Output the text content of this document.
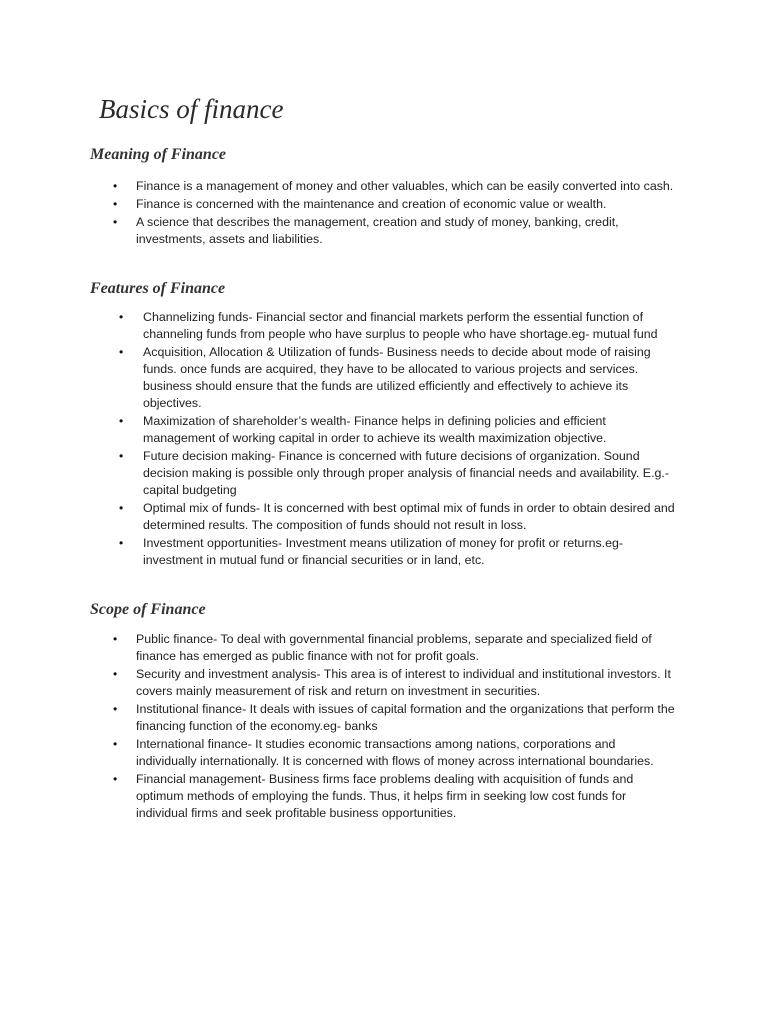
Basics of finance
Meaning of Finance
• Finance is a management of money and other valuables, which can be easily converted into cash.
• Finance is concerned with the maintenance and creation of economic value or wealth.
• A science that describes the management, creation and study of money, banking, credit, investments, assets and liabilities.
Features of Finance
• Channelizing funds- Financial sector and financial markets perform the essential function of channeling funds from people who have surplus to people who have shortage.eg- mutual fund
• Acquisition, Allocation & Utilization of funds- Business needs to decide about mode of raising funds. once funds are acquired, they have to be allocated to various projects and services. business should ensure that the funds are utilized efficiently and effectively to achieve its objectives.
• Maximization of shareholder’s wealth- Finance helps in defining policies and efficient management of working capital in order to achieve its wealth maximization objective.
• Future decision making- Finance is concerned with future decisions of organization. Sound decision making is possible only through proper analysis of financial needs and availability. E.g.- capital budgeting
• Optimal mix of funds- It is concerned with best optimal mix of funds in order to obtain desired and determined results. The composition of funds should not result in loss.
• Investment opportunities- Investment means utilization of money for profit or returns.eg- investment in mutual fund or financial securities or in land, etc.
Scope of Finance
• Public finance- To deal with governmental financial problems, separate and specialized field of finance has emerged as public finance with not for profit goals.
• Security and investment analysis- This area is of interest to individual and institutional investors. It covers mainly measurement of risk and return on investment in securities.
• Institutional finance- It deals with issues of capital formation and the organizations that perform the financing function of the economy.eg- banks
• International finance- It studies economic transactions among nations, corporations and individually internationally. It is concerned with flows of money across international boundaries.
• Financial management- Business firms face problems dealing with acquisition of funds and optimum methods of employing the funds. Thus, it helps firm in seeking low cost funds for individual firms and seek profitable business opportunities.
